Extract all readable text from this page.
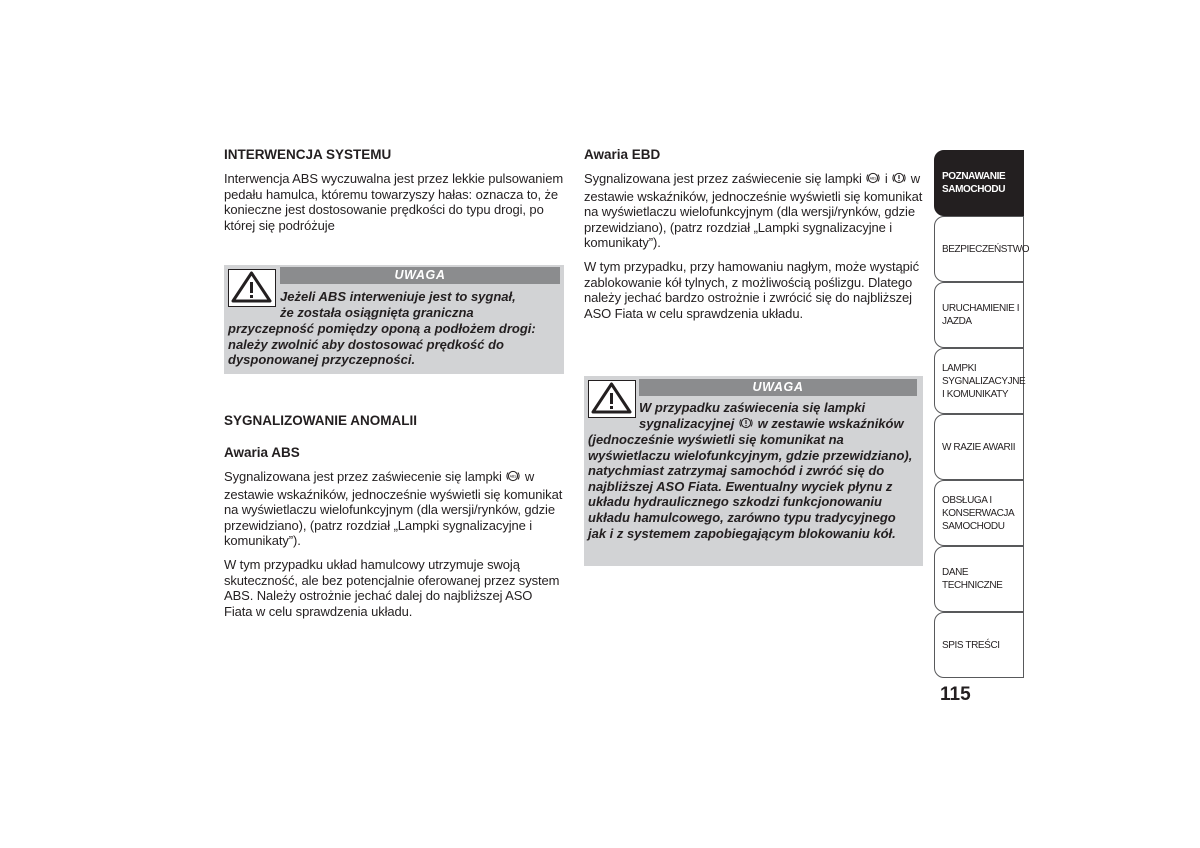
INTERWENCJA SYSTEMU

Interwencja ABS wyczuwalna jest przez lekkie pulsowaniem pedału hamulca, któremu towarzyszy hałas: oznacza to, że konieczne jest dostosowanie prędkości do typu drogi, po której się podróżuje

UWAGA
Jeżeli ABS interweniuje jest to sygnał,
że została osiągnięta graniczna
przyczepność pomiędzy oponą a podłożem drogi: należy zwolnić aby dostosować prędkość do dysponowanej przyczepności.

SYGNALIZOWANIE ANOMALII

Awaria ABS

Sygnalizowana jest przez zaświecenie się lampki ABS w zestawie wskaźników, jednocześnie wyświetli się komunikat na wyświetlaczu wielofunkcyjnym (dla wersji/rynków, gdzie przewidziano), (patrz rozdział „Lampki sygnalizacyjne i komunikaty”).

W tym przypadku układ hamulcowy utrzymuje swoją skuteczność, ale bez potencjalnie oferowanej przez system ABS. Należy ostrożnie jechać dalej do najbliższej ASO Fiata w celu sprawdzenia układu.

Awaria EBD

Sygnalizowana jest przez zaświecenie się lampki ABS i w zestawie wskaźników, jednocześnie wyświetli się komunikat na wyświetlaczu wielofunkcyjnym (dla wersji/rynków, gdzie przewidziano), (patrz rozdział „Lampki sygnalizacyjne i komunikaty”).

W tym przypadku, przy hamowaniu nagłym, może wystąpić zablokowanie kół tylnych, z możliwością poślizgu. Dlatego należy jechać bardzo ostrożnie i zwrócić się do najbliższej ASO Fiata w celu sprawdzenia układu.

UWAGA
W przypadku zaświecenia się lampki
sygnalizacyjnej w zestawie wskaźników
(jednocześnie wyświetli się komunikat na wyświetlaczu wielofunkcyjnym, gdzie przewidziano), natychmiast zatrzymaj samochód i zwróć się do najbliższej ASO Fiata. Ewentualny wyciek płynu z układu hydraulicznego szkodzi funkcjonowaniu układu hamulcowego, zarówno typu tradycyjnego jak i z systemem zapobiegającym blokowaniu kół.
POZNAWANIE SAMOCHODU
BEZPIECZEŃSTWO
URUCHAMIENIE I JAZDA
LAMPKI SYGNALIZACYJNE I KOMUNIKATY
W RAZIE AWARII
OBSŁUGA I KONSERWACJA SAMOCHODU
DANE TECHNICZNE
SPIS TREŚCI
115
